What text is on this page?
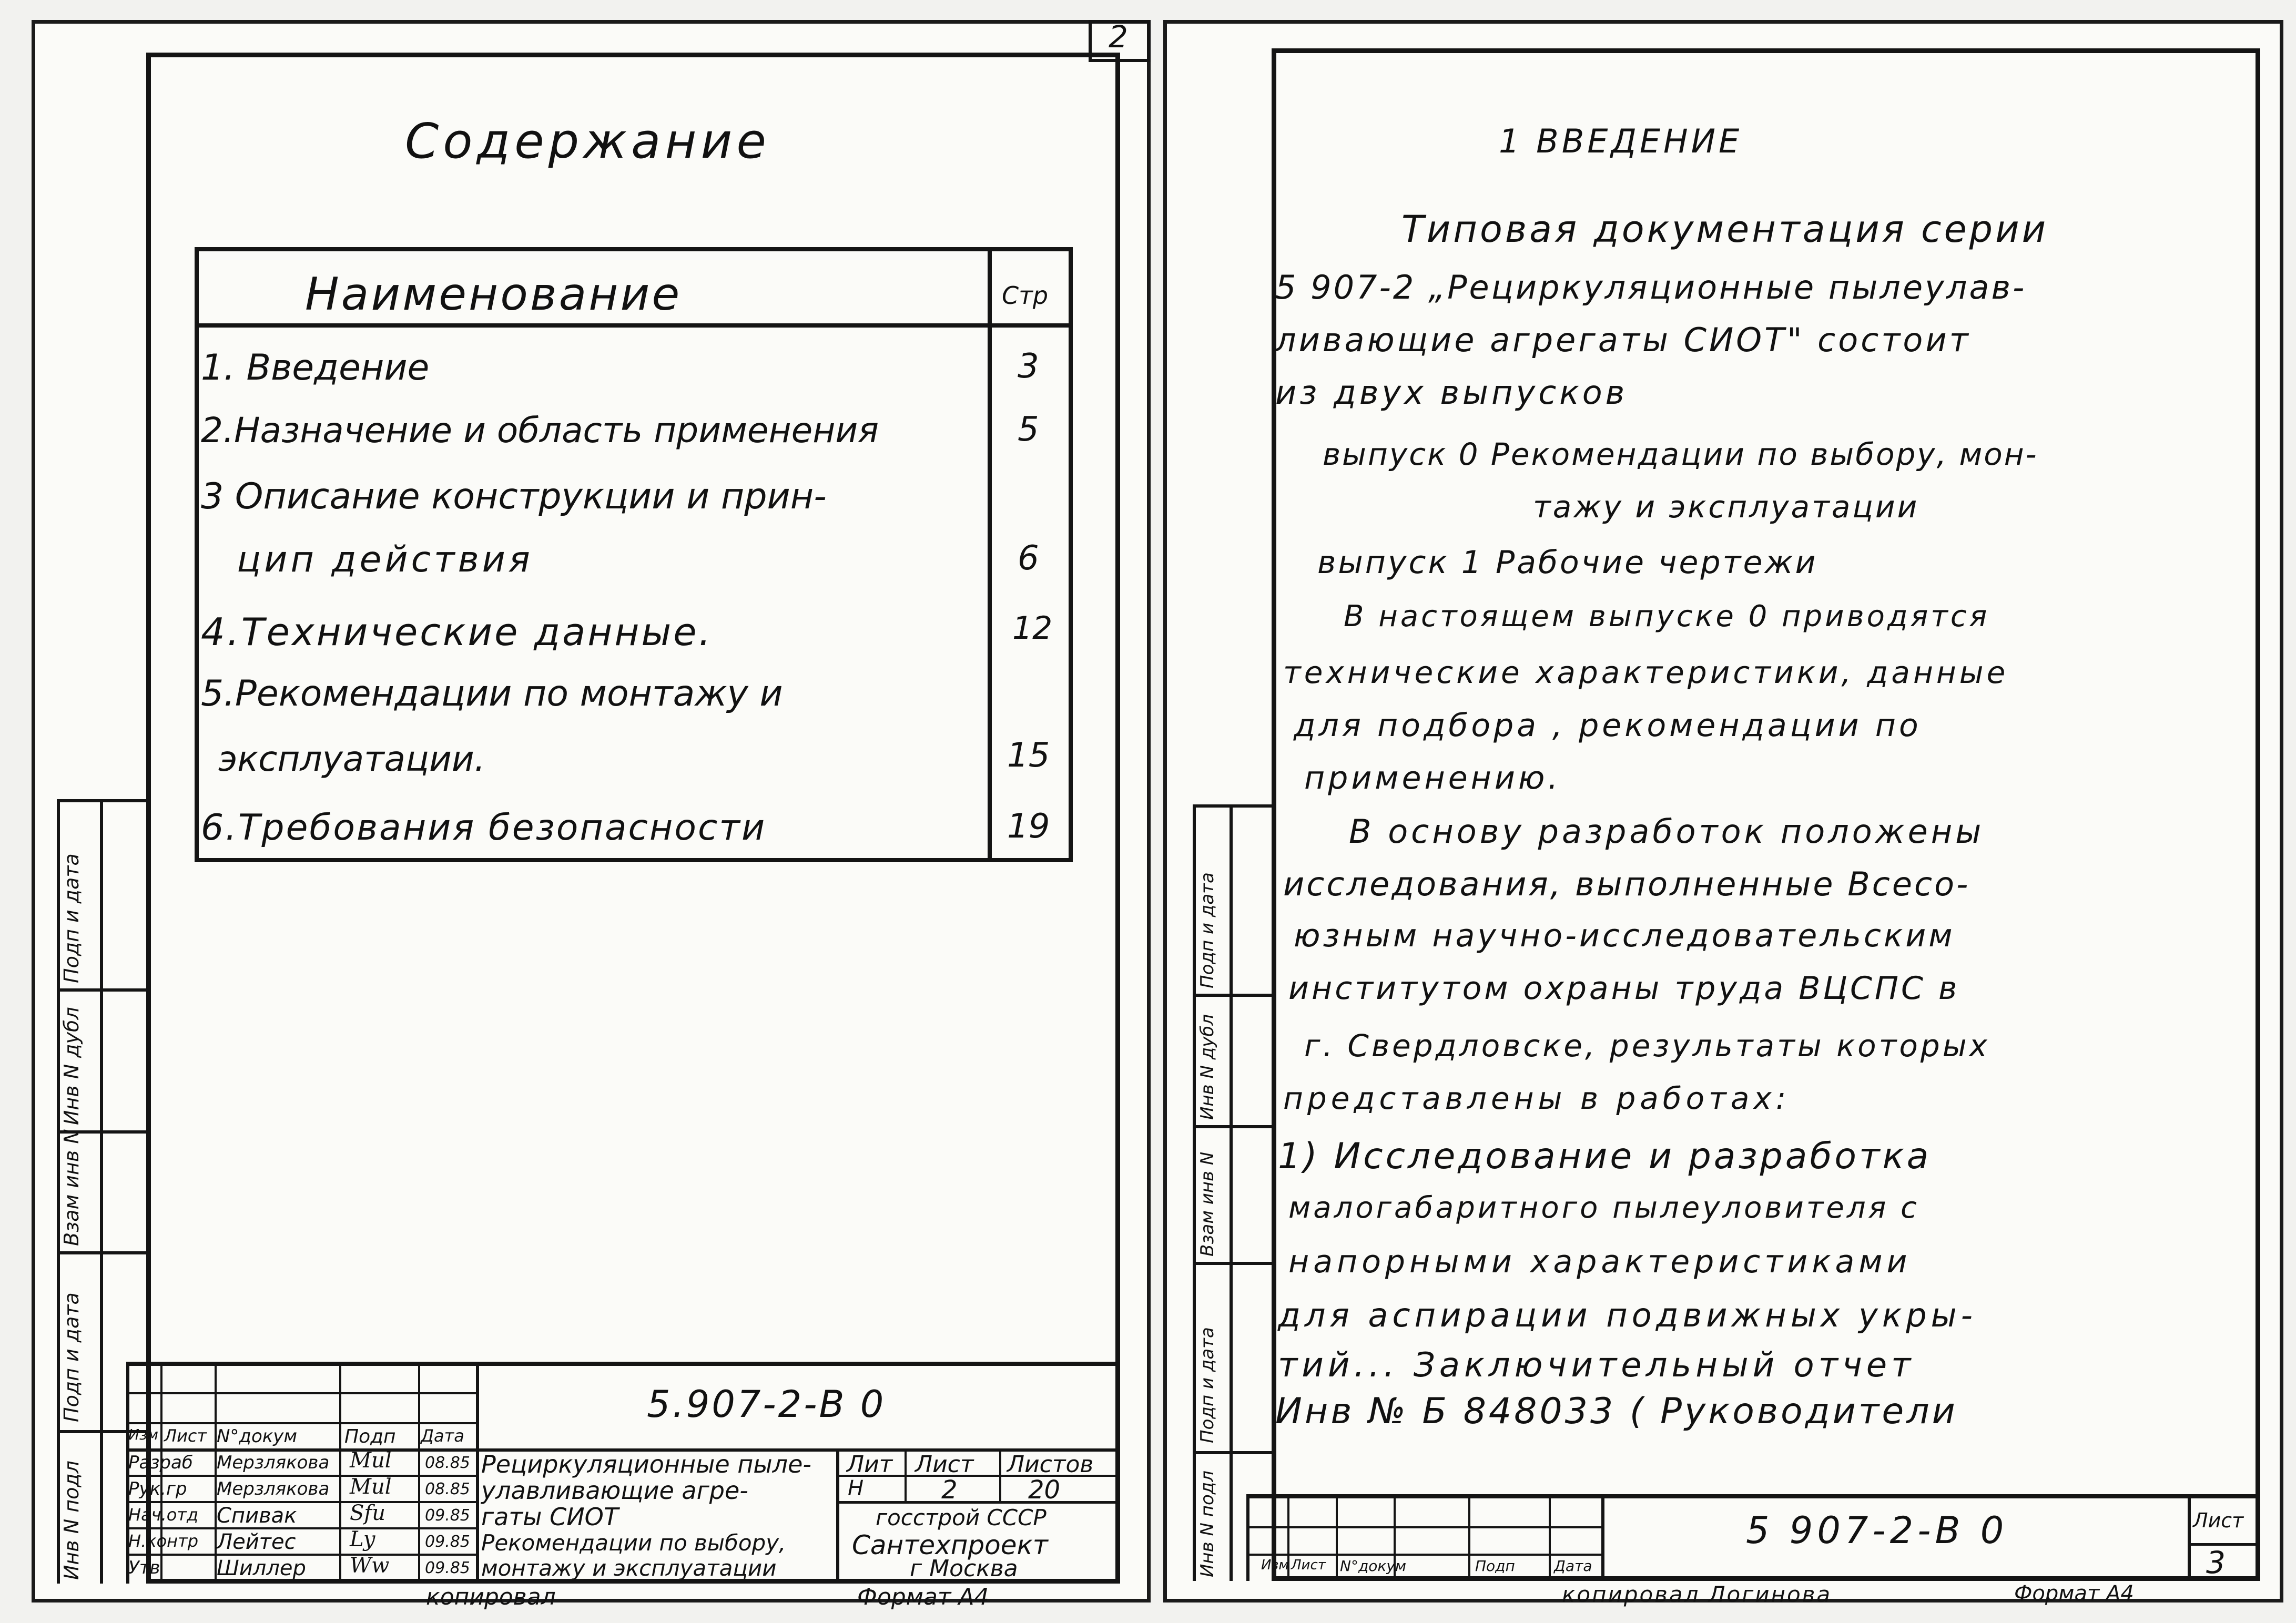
2
Содержание
Наименование	Стр
1. Введение	3
2.Назначение и область применения	5
3 Описание конструкции и прин-
цип действия	6
4.Технические данные.	12
5.Рекомендации по монтажу и
эксплуатации.	15
6.Требования безопасности	19
Инв N подл
Подп и дата
Взам инв N
Инв N дубл
Подп и дата
5.907-2-В 0
Изм Лист N°докум Подп Дата
Разраб Мерзлякова Mul 08.85
Рук.гр Мерзлякова Mul 08.85
Нач.отд Спивак	Sfu	09.85
Н.контр Лейтес	Ly	09.85
Утв	Шиллер Ww 09.85
Рециркуляционные пыле-
улавливающие агре-
гаты СИОТ
Рекомендации по выбору,
монтажу и эксплуатации
Лит Лист Листов
Н	2	20
госстрой СССР
Сантехпроект
г Москва
копировал	Формат А4
1 ВВЕДЕНИЕ
Типовая документация серии
5 907-2 „Рециркуляционные пылеулав-
ливающие агрегаты СИОТ" состоит
из двух выпусков
выпуск 0 Рекомендации по выбору, мон-
тажу и эксплуатации
выпуск 1 Рабочие чертежи
В настоящем выпуске 0 приводятся
технические характеристики, данные
для подбора , рекомендации по
применению.
В основу разработок положены
исследования, выполненные Всесо-
юзным научно-исследовательским
институтом охраны труда ВЦСПС в
г. Свердловске, результаты которых
представлены в работах:
1) Исследование и разработка
малогабаритного пылеуловителя с
напорными характеристиками
для аспирации подвижных укры-
тий... Заключительный отчет
Инв № Б 848033 ( Руководители
Инв N подл
Подп и дата
Взам инв N
Инв N дубл
Подп и дата
5 907-2-В 0
Изм Лист N°докум	Подп	Дата
Лист
3
копировал Логинова	Формат А4
